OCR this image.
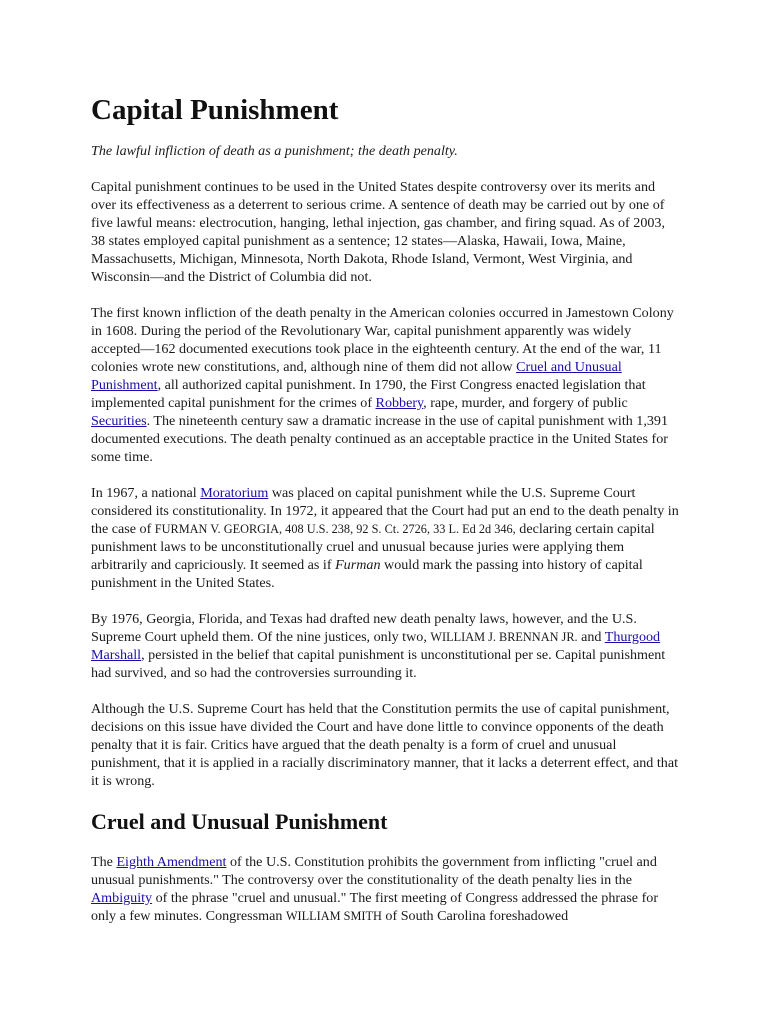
Capital Punishment

The lawful infliction of death as a punishment; the death penalty.

Capital punishment continues to be used in the United States despite controversy over its merits and over its effectiveness as a deterrent to serious crime. A sentence of death may be carried out by one of five lawful means: electrocution, hanging, lethal injection, gas chamber, and firing squad. As of 2003, 38 states employed capital punishment as a sentence; 12 states—Alaska, Hawaii, Iowa, Maine, Massachusetts, Michigan, Minnesota, North Dakota, Rhode Island, Vermont, West Virginia, and Wisconsin—and the District of Columbia did not.

The first known infliction of the death penalty in the American colonies occurred in Jamestown Colony in 1608. During the period of the Revolutionary War, capital punishment apparently was widely accepted—162 documented executions took place in the eighteenth century. At the end of the war, 11 colonies wrote new constitutions, and, although nine of them did not allow Cruel and Unusual Punishment, all authorized capital punishment. In 1790, the First Congress enacted legislation that implemented capital punishment for the crimes of Robbery, rape, murder, and forgery of public Securities. The nineteenth century saw a dramatic increase in the use of capital punishment with 1,391 documented executions. The death penalty continued as an acceptable practice in the United States for some time.

In 1967, a national Moratorium was placed on capital punishment while the U.S. Supreme Court considered its constitutionality. In 1972, it appeared that the Court had put an end to the death penalty in the case of FURMAN V. GEORGIA, 408 U.S. 238, 92 S. Ct. 2726, 33 L. Ed 2d 346, declaring certain capital punishment laws to be unconstitutionally cruel and unusual because juries were applying them arbitrarily and capriciously. It seemed as if Furman would mark the passing into history of capital punishment in the United States.

By 1976, Georgia, Florida, and Texas had drafted new death penalty laws, however, and the U.S. Supreme Court upheld them. Of the nine justices, only two, WILLIAM J. BRENNAN JR. and Thurgood Marshall, persisted in the belief that capital punishment is unconstitutional per se. Capital punishment had survived, and so had the controversies surrounding it.

Although the U.S. Supreme Court has held that the Constitution permits the use of capital punishment, decisions on this issue have divided the Court and have done little to convince opponents of the death penalty that it is fair. Critics have argued that the death penalty is a form of cruel and unusual punishment, that it is applied in a racially discriminatory manner, that it lacks a deterrent effect, and that it is wrong.

Cruel and Unusual Punishment

The Eighth Amendment of the U.S. Constitution prohibits the government from inflicting "cruel and unusual punishments." The controversy over the constitutionality of the death penalty lies in the Ambiguity of the phrase "cruel and unusual." The first meeting of Congress addressed the phrase for only a few minutes. Congressman WILLIAM SMITH of South Carolina foreshadowed
